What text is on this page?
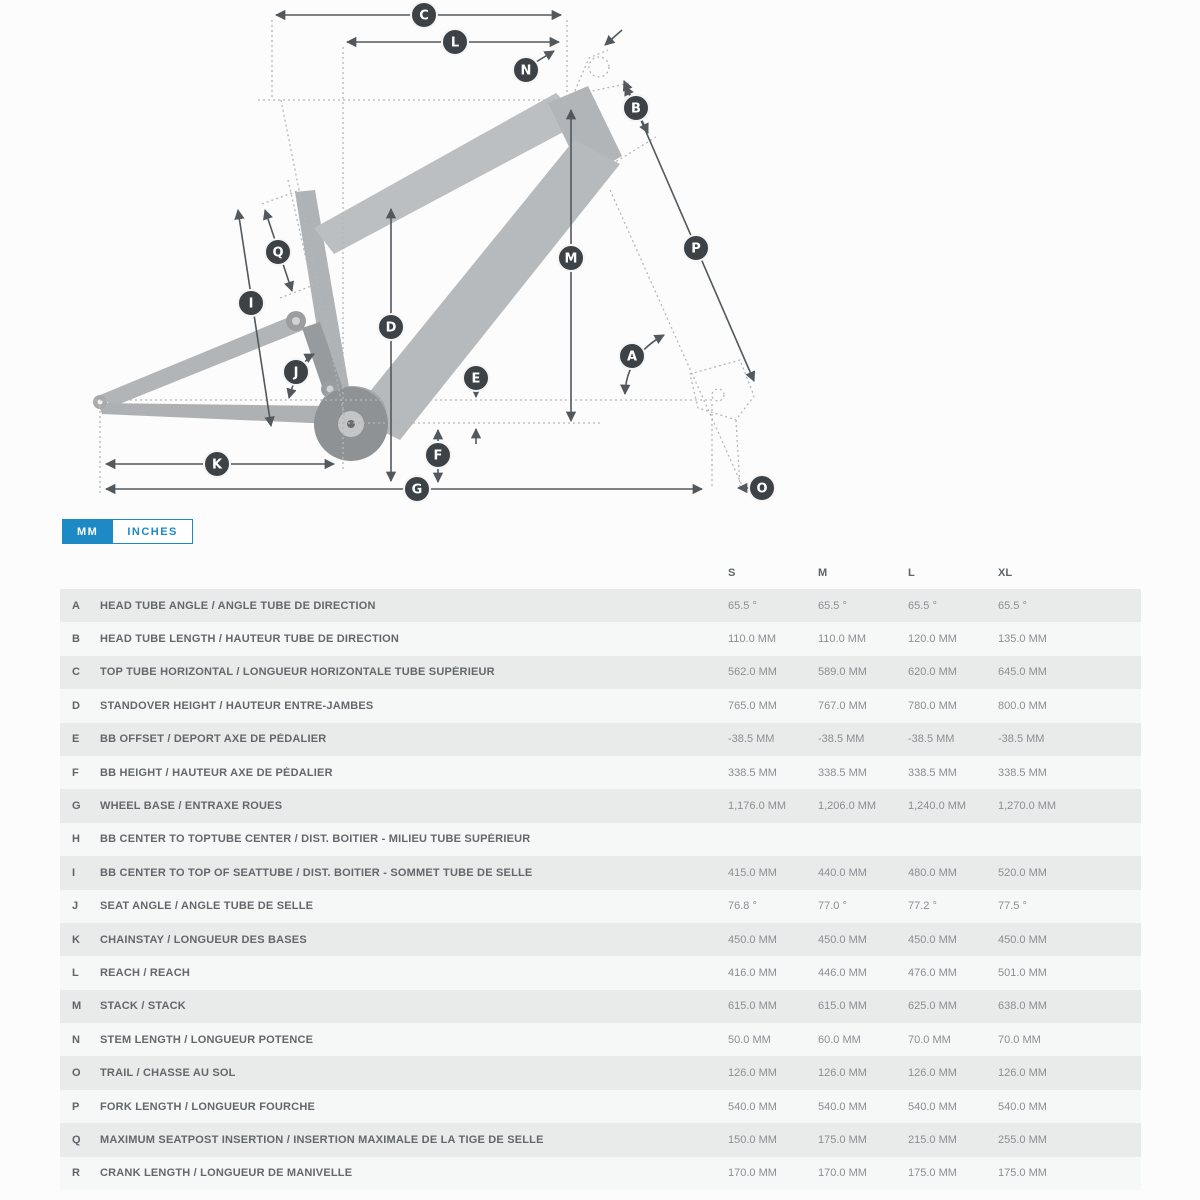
C
L
N
B
M
P
A
Q
I
D
J	E
F
K
G	O
MM	INCHES
S	M	L	XL
A	HEAD TUBE ANGLE / ANGLE TUBE DE DIRECTION	65.5 °	65.5 °	65.5 °	65.5 °
B	HEAD TUBE LENGTH / HAUTEUR TUBE DE DIRECTION	110.0 MM	110.0 MM	120.0 MM	135.0 MM
C	TOP TUBE HORIZONTAL / LONGUEUR HORIZONTALE TUBE SUPÉRIEUR	562.0 MM	589.0 MM	620.0 MM	645.0 MM
D	STANDOVER HEIGHT / HAUTEUR ENTRE-JAMBES	765.0 MM	767.0 MM	780.0 MM	800.0 MM
E	BB OFFSET / DEPORT AXE DE PÉDALIER	-38.5 MM	-38.5 MM	-38.5 MM	-38.5 MM
F	BB HEIGHT / HAUTEUR AXE DE PÉDALIER	338.5 MM	338.5 MM	338.5 MM	338.5 MM
G	WHEEL BASE / ENTRAXE ROUES	1,176.0 MM	1,206.0 MM	1,240.0 MM	1,270.0 MM
H	BB CENTER TO TOPTUBE CENTER / DIST. BOITIER - MILIEU TUBE SUPÉRIEUR
I	BB CENTER TO TOP OF SEATTUBE / DIST. BOITIER - SOMMET TUBE DE SELLE	415.0 MM	440.0 MM	480.0 MM	520.0 MM
J	SEAT ANGLE / ANGLE TUBE DE SELLE	76.8 °	77.0 °	77.2 °	77.5 °
K	CHAINSTAY / LONGUEUR DES BASES	450.0 MM	450.0 MM	450.0 MM	450.0 MM
L	REACH / REACH	416.0 MM	446.0 MM	476.0 MM	501.0 MM
M	STACK / STACK	615.0 MM	615.0 MM	625.0 MM	638.0 MM
N	STEM LENGTH / LONGUEUR POTENCE	50.0 MM	60.0 MM	70.0 MM	70.0 MM
O	TRAIL / CHASSE AU SOL	126.0 MM	126.0 MM	126.0 MM	126.0 MM
P	FORK LENGTH / LONGUEUR FOURCHE	540.0 MM	540.0 MM	540.0 MM	540.0 MM
Q	MAXIMUM SEATPOST INSERTION / INSERTION MAXIMALE DE LA TIGE DE SELLE	150.0 MM	175.0 MM	215.0 MM	255.0 MM
R	CRANK LENGTH / LONGUEUR DE MANIVELLE	170.0 MM	170.0 MM	175.0 MM	175.0 MM
